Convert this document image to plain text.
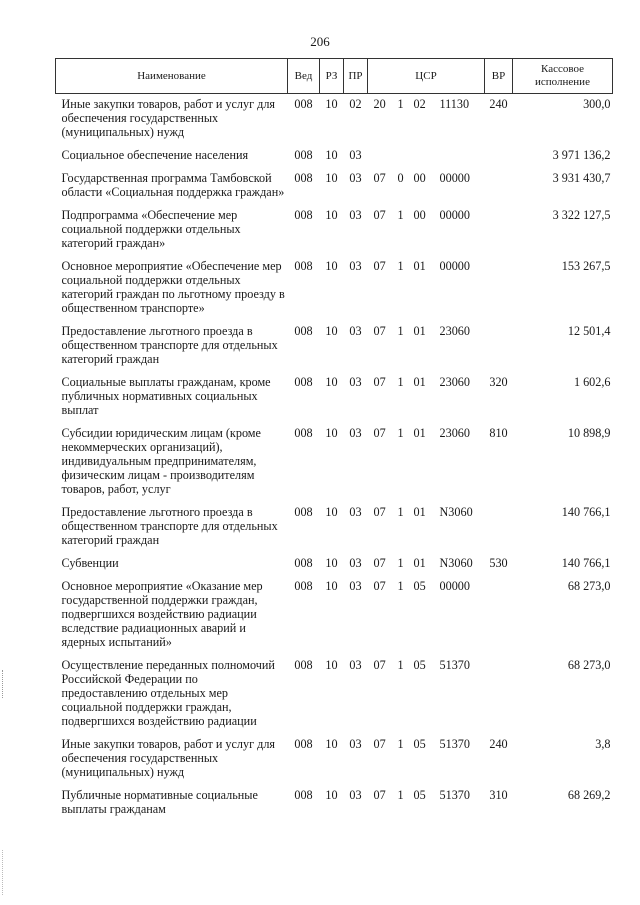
206
Наименование	Вед	РЗ	ПР	ЦСР	ВР	Кассовое исполнение
Иные закупки товаров, работ и услуг для обеспечения государственных (муниципальных) нужд	008	10	02	20 1 02 11130	240	300,0
Социальное обеспечение населения	008	10	03			3 971 136,2
Государственная программа Тамбовской области «Социальная поддержка граждан»	008	10	03	07 0 00 00000		3 931 430,7
Подпрограмма «Обеспечение мер социальной поддержки отдельных категорий граждан»	008	10	03	07 1 00 00000		3 322 127,5
Основное мероприятие «Обеспечение мер социальной поддержки отдельных категорий граждан по льготному проезду в общественном транспорте»	008	10	03	07 1 01 00000		153 267,5
Предоставление льготного проезда в общественном транспорте для отдельных категорий граждан	008	10	03	07 1 01 23060		12 501,4
Социальные выплаты гражданам, кроме публичных нормативных социальных выплат	008	10	03	07 1 01 23060	320	1 602,6
Субсидии юридическим лицам (кроме некоммерческих организаций), индивидуальным предпринимателям, физическим лицам - производителям товаров, работ, услуг	008	10	03	07 1 01 23060	810	10 898,9
Предоставление льготного проезда в общественном транспорте для отдельных категорий граждан	008	10	03	07 1 01 N3060		140 766,1
Субвенции	008	10	03	07 1 01 N3060	530	140 766,1
Основное мероприятие «Оказание мер государственной поддержки граждан, подвергшихся воздействию радиации вследствие радиационных аварий и ядерных испытаний»	008	10	03	07 1 05 00000		68 273,0
Осуществление переданных полномочий Российской Федерации по предоставлению отдельных мер социальной поддержки граждан, подвергшихся воздействию радиации	008	10	03	07 1 05 51370		68 273,0
Иные закупки товаров, работ и услуг для обеспечения государственных (муниципальных) нужд	008	10	03	07 1 05 51370	240	3,8
Публичные нормативные социальные выплаты гражданам	008	10	03	07 1 05 51370	310	68 269,2
